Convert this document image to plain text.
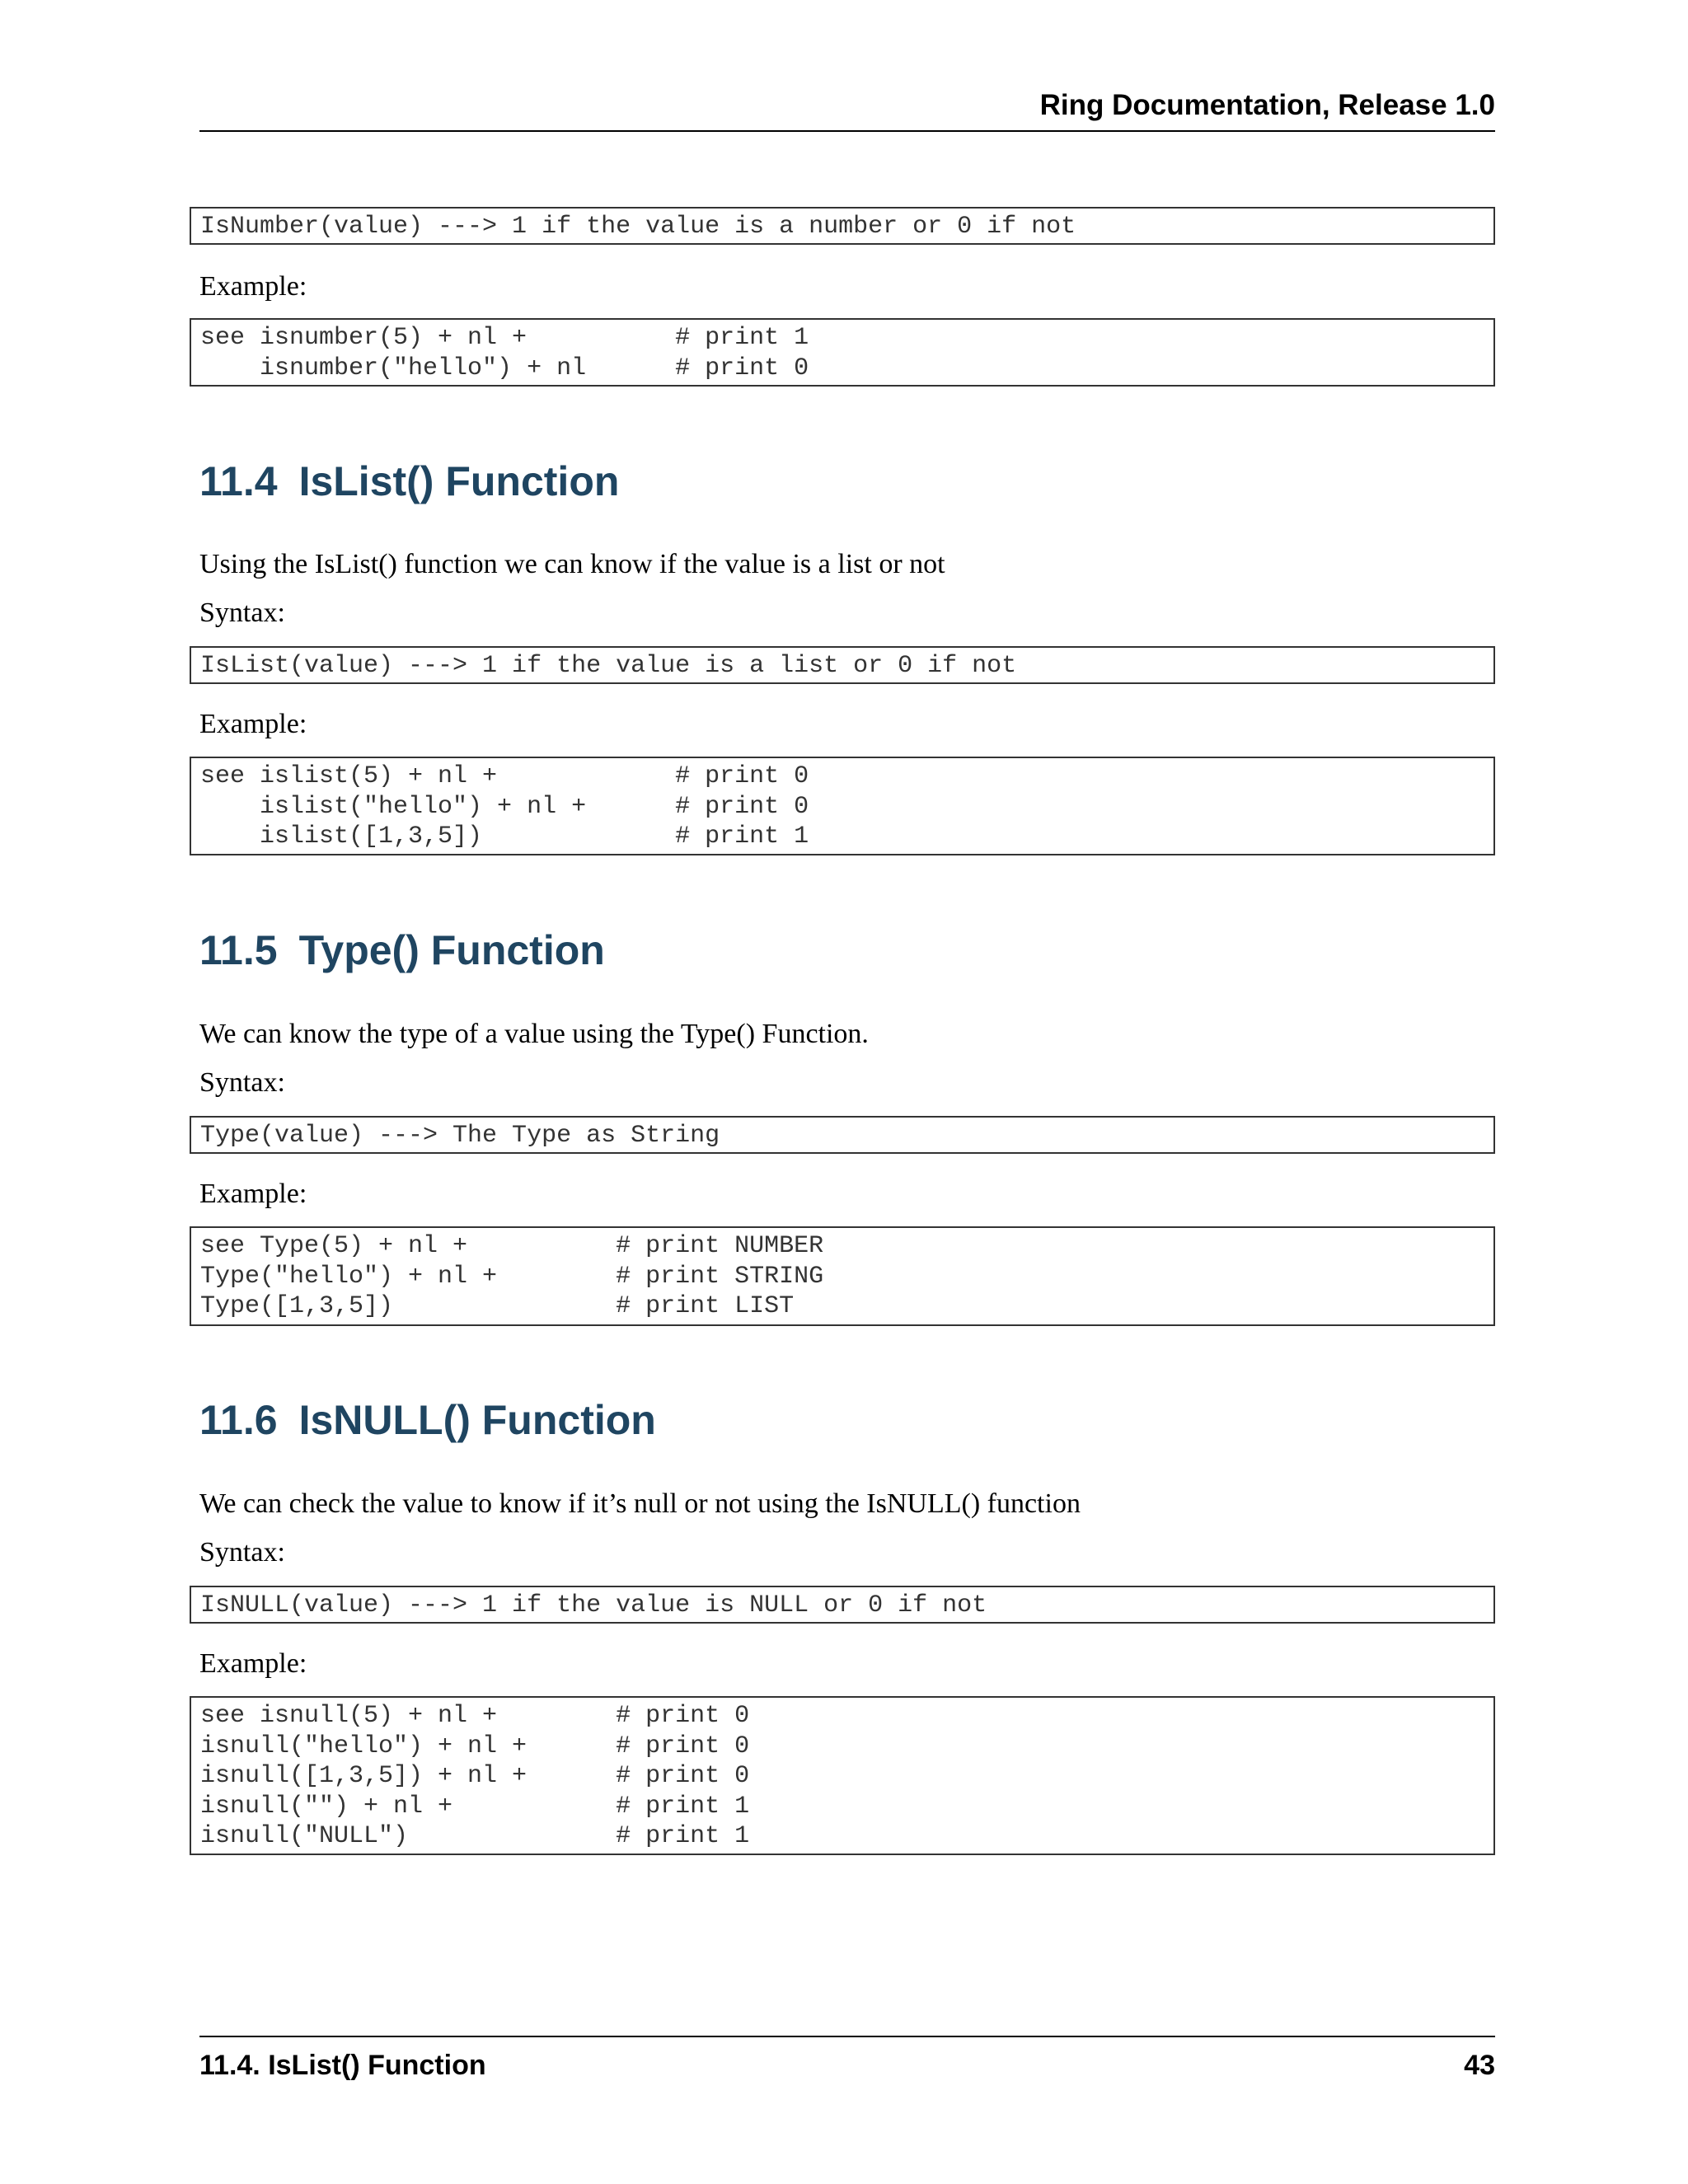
Ring Documentation, Release 1.0
IsNumber(value) ---> 1 if the value is a number or 0 if not
Example:
see isnumber(5) + nl +          # print 1
isnumber("hello") + nl      # print 0
11.4 IsList() Function
Using the IsList() function we can know if the value is a list or not
Syntax:
IsList(value) ---> 1 if the value is a list or 0 if not
Example:
see islist(5) + nl +            # print 0
islist("hello") + nl +      # print 0
islist([1,3,5])             # print 1
11.5 Type() Function
We can know the type of a value using the Type() Function.
Syntax:
Type(value) ---> The Type as String
Example:
see Type(5) + nl +          # print NUMBER
Type("hello") + nl +        # print STRING
Type([1,3,5])               # print LIST
11.6 IsNULL() Function
We can check the value to know if it’s null or not using the IsNULL() function
Syntax:
IsNULL(value) ---> 1 if the value is NULL or 0 if not
Example:
see isnull(5) + nl +        # print 0
isnull("hello") + nl +      # print 0
isnull([1,3,5]) + nl +      # print 0
isnull("") + nl +           # print 1
isnull("NULL")              # print 1
11.4. IsList() Function	43
